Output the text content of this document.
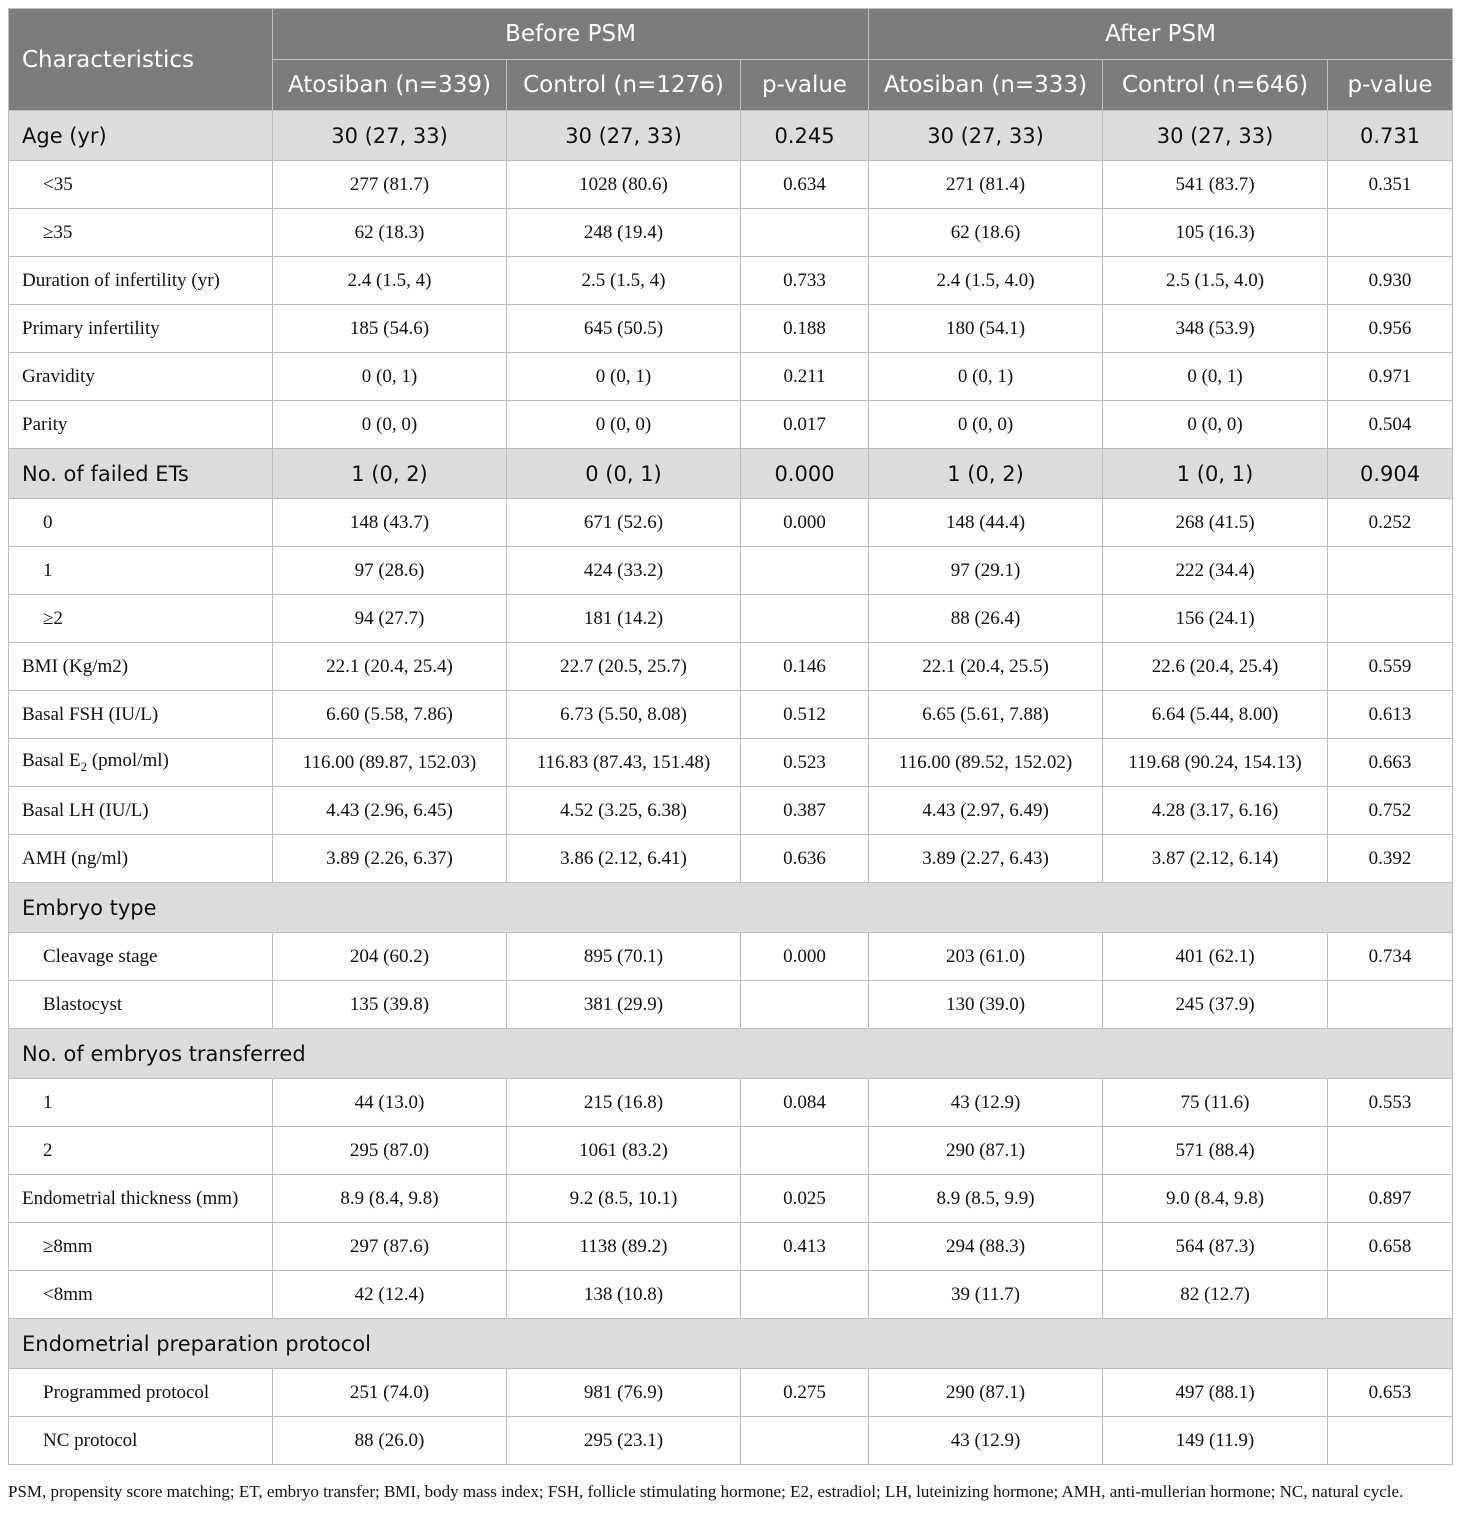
Characteristics	Before PSM			After PSM		
	Atosiban (n=339)	Control (n=1276)	p-value	Atosiban (n=333)	Control (n=646)	p-value
Age (yr)	30 (27, 33)	30 (27, 33)	0.245	30 (27, 33)	30 (27, 33)	0.731
<35	277 (81.7)	1028 (80.6)	0.634	271 (81.4)	541 (83.7)	0.351
≥35	62 (18.3)	248 (19.4)		62 (18.6)	105 (16.3)	
Duration of infertility (yr)	2.4 (1.5, 4)	2.5 (1.5, 4)	0.733	2.4 (1.5, 4.0)	2.5 (1.5, 4.0)	0.930
Primary infertility	185 (54.6)	645 (50.5)	0.188	180 (54.1)	348 (53.9)	0.956
Gravidity	0 (0, 1)	0 (0, 1)	0.211	0 (0, 1)	0 (0, 1)	0.971
Parity	0 (0, 0)	0 (0, 0)	0.017	0 (0, 0)	0 (0, 0)	0.504
No. of failed ETs	1 (0, 2)	0 (0, 1)	0.000	1 (0, 2)	1 (0, 1)	0.904
0	148 (43.7)	671 (52.6)	0.000	148 (44.4)	268 (41.5)	0.252
1	97 (28.6)	424 (33.2)		97 (29.1)	222 (34.4)	
≥2	94 (27.7)	181 (14.2)		88 (26.4)	156 (24.1)	
BMI (Kg/m2)	22.1 (20.4, 25.4)	22.7 (20.5, 25.7)	0.146	22.1 (20.4, 25.5)	22.6 (20.4, 25.4)	0.559
Basal FSH (IU/L)	6.60 (5.58, 7.86)	6.73 (5.50, 8.08)	0.512	6.65 (5.61, 7.88)	6.64 (5.44, 8.00)	0.613
Basal $E_2$ (pmol/ml)	116.00 (89.87, 152.03)	116.83 (87.43, 151.48)	0.523	116.00 (89.52, 152.02)	119.68 (90.24, 154.13)	0.663
Basal LH (IU/L)	4.43 (2.96, 6.45)	4.52 (3.25, 6.38)	0.387	4.43 (2.97, 6.49)	4.28 (3.17, 6.16)	0.752
AMH (ng/ml)	3.89 (2.26, 6.37)	3.86 (2.12, 6.41)	0.636	3.89 (2.27, 6.43)	3.87 (2.12, 6.14)	0.392
Embryo type						
Cleavage stage	204 (60.2)	895 (70.1)	0.000	203 (61.0)	401 (62.1)	0.734
Blastocyst	135 (39.8)	381 (29.9)		130 (39.0)	245 (37.9)	
No. of embryos transferred						
1	44 (13.0)	215 (16.8)	0.084	43 (12.9)	75 (11.6)	0.553
2	295 (87.0)	1061 (83.2)		290 (87.1)	571 (88.4)	
Endometrial thickness (mm)	8.9 (8.4, 9.8)	9.2 (8.5, 10.1)	0.025	8.9 (8.5, 9.9)	9.0 (8.4, 9.8)	0.897
≥8mm	297 (87.6)	1138 (89.2)	0.413	294 (88.3)	564 (87.3)	0.658
<8mm	42 (12.4)	138 (10.8)		39 (11.7)	82 (12.7)	
Endometrial preparation protocol						
Programmed protocol	251 (74.0)	981 (76.9)	0.275	290 (87.1)	497 (88.1)	0.653
NC protocol	88 (26.0)	295 (23.1)		43 (12.9)	149 (11.9)	
PSM, propensity score matching; ET, embryo transfer; BMI, body mass index; FSH, follicle stimulating hormone; E2, estradiol; LH, luteinizing hormone; AMH, anti-mullerian hormone; NC, natural cycle.
